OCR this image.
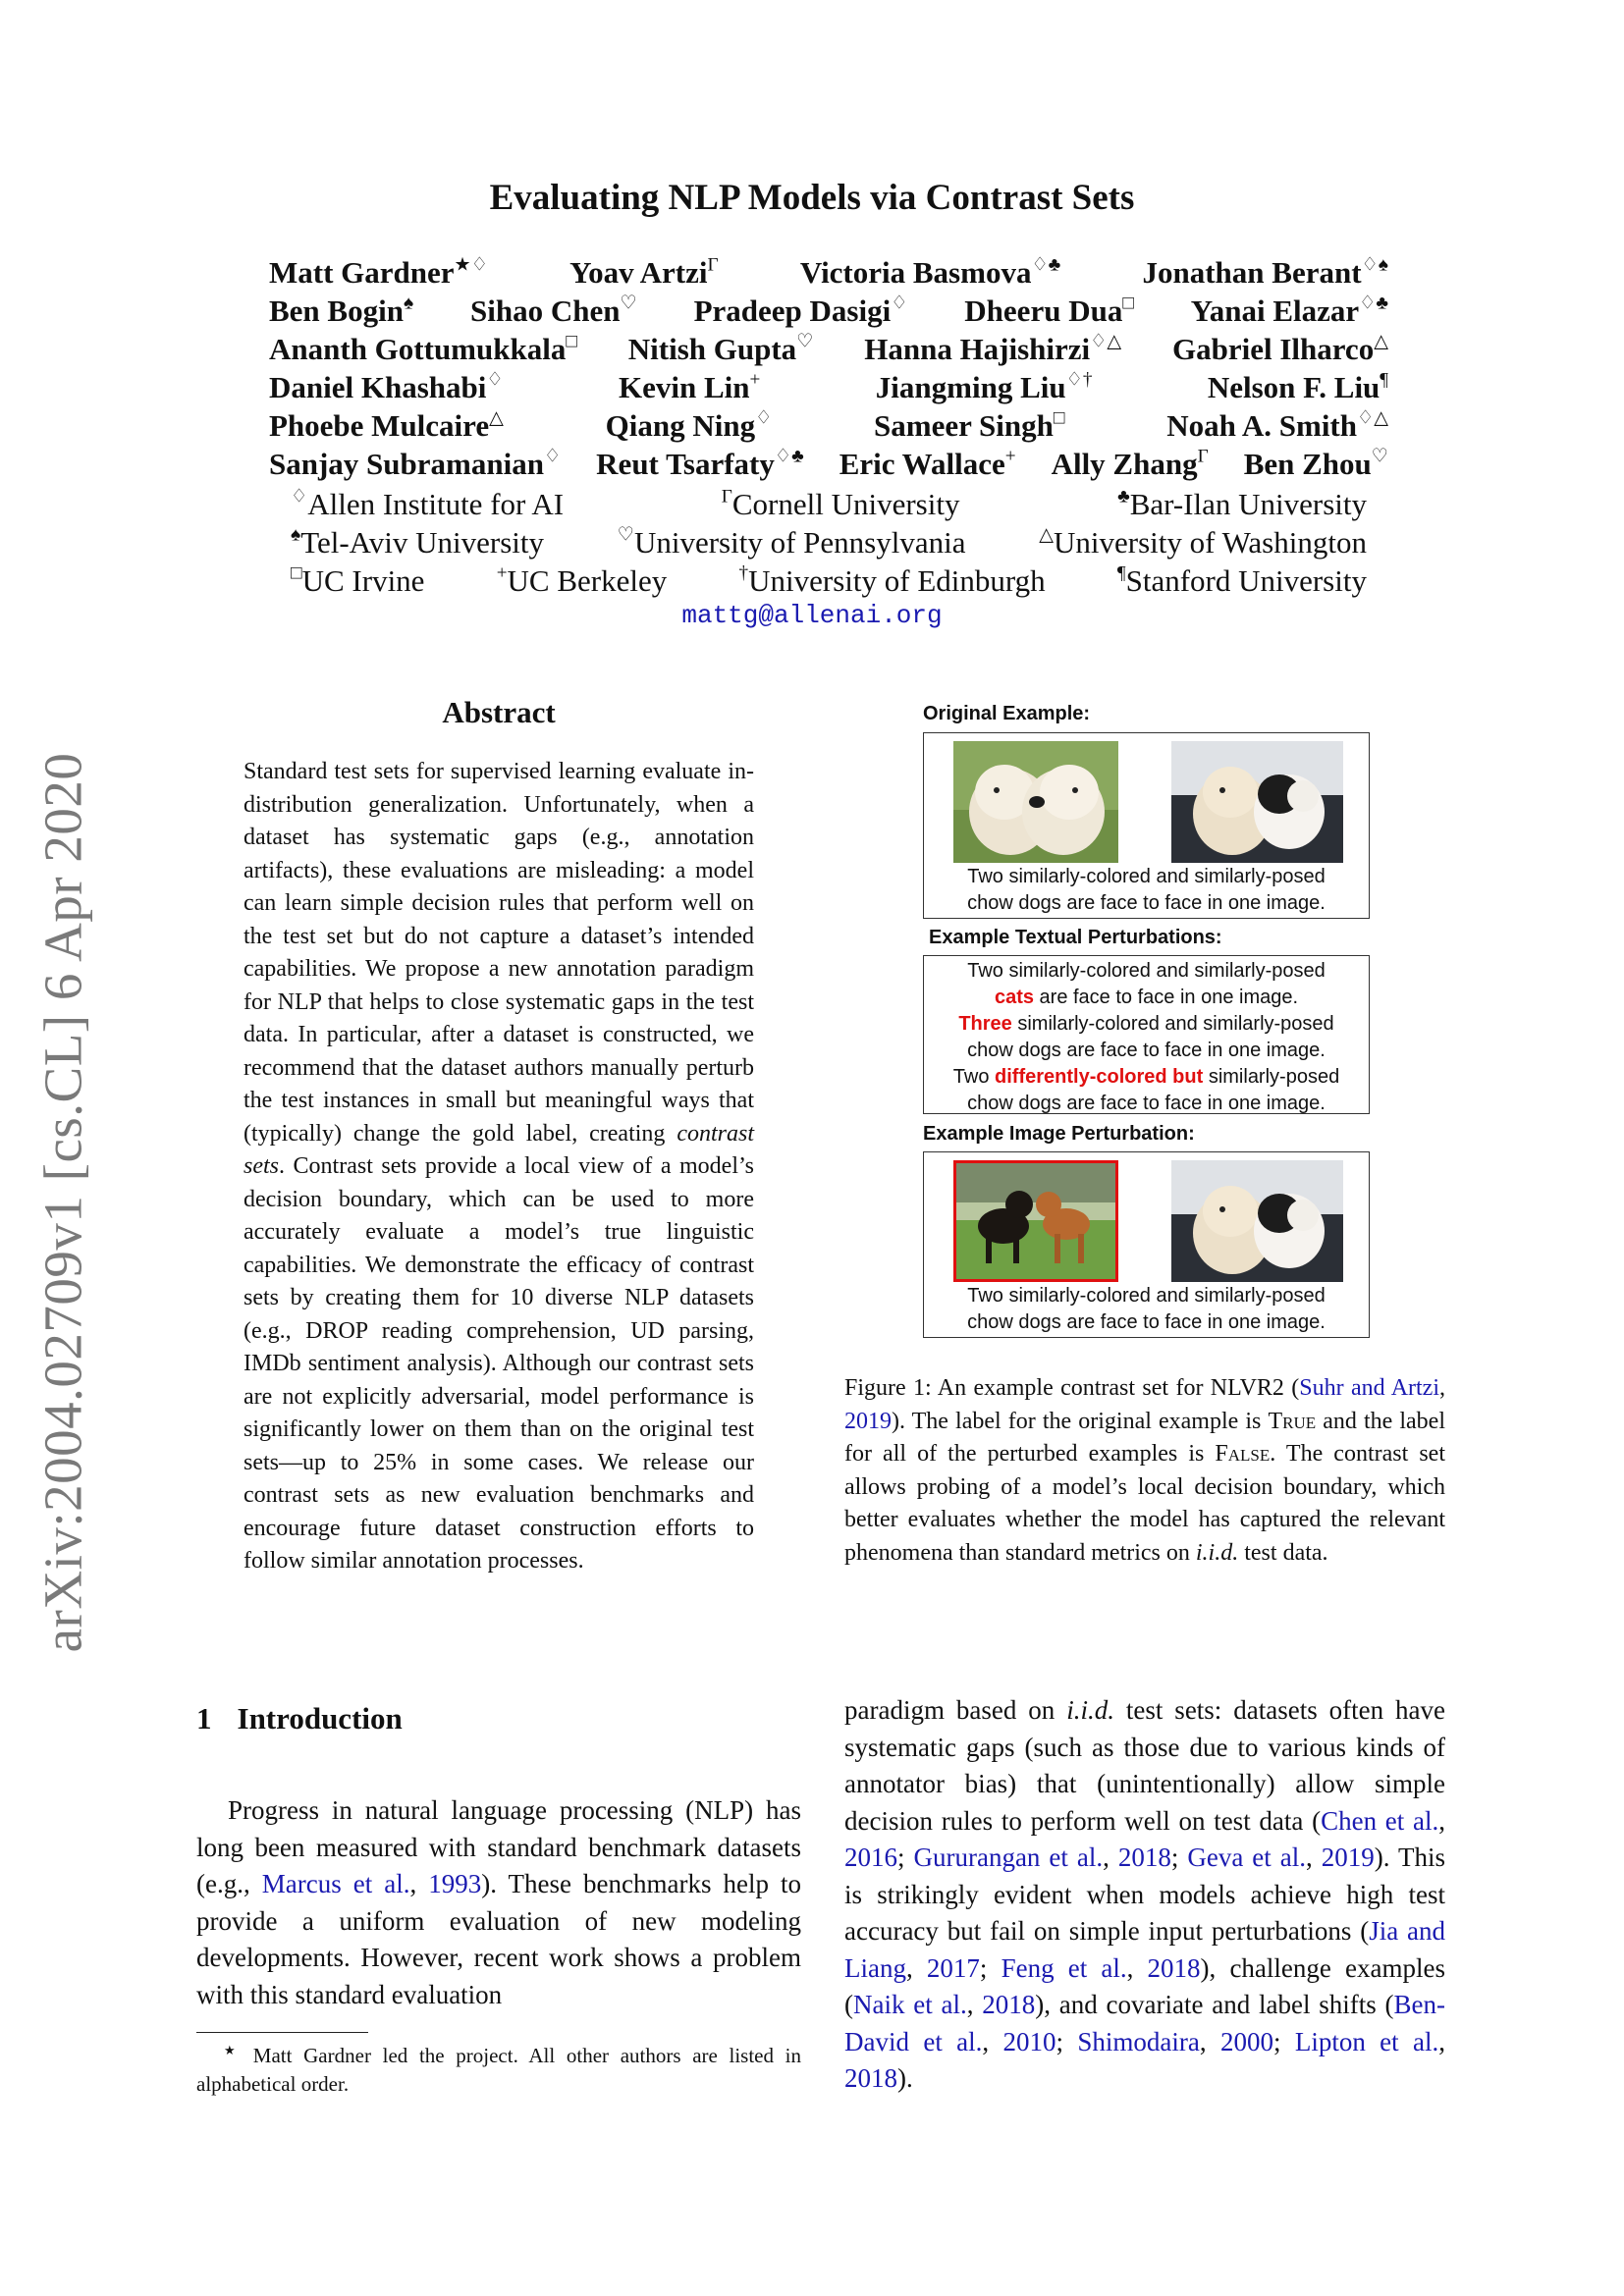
Evaluating NLP Models via Contrast Sets
Matt Gardner★♢	Yoav Artzi$^\Gamma$	Victoria Basmova♢♣	Jonathan Berant♢♠
Ben Bogin♠ Sihao Chen♡ Pradeep Dasigi♢ Dheeru Dua□ Yanai Elazar♢♣
Ananth Gottumukkala□ Nitish Gupta♡ Hanna Hajishirzi♢△ Gabriel Ilharco△
Daniel Khashabi♢	Kevin Lin+	Jiangming Liu♢†	Nelson F. Liu¶
Phoebe Mulcaire△	Qiang Ning♢	Sameer Singh□	Noah A. Smith♢△
Sanjay Subramanian♢ Reut Tsarfaty♢♣ Eric Wallace+ Ally Zhang$^\Gamma$ Ben Zhou♡
♢Allen Institute for AI	$^\Gamma$Cornell University	♣Bar-Ilan University
♠Tel-Aviv University	♡University of Pennsylvania	△University of Washington
□UC Irvine	+UC Berkeley	†University of Edinburgh	¶Stanford University
mattg@allenai.org
arXiv:2004.02709v1 [cs.CL] 6 Apr 2020
Abstract
Standard test sets for supervised learning evaluate in-distribution generalization. Unfortunately, when a dataset has systematic gaps (e.g., annotation artifacts), these evaluations are misleading: a model can learn simple decision rules that perform well on the test set but do not capture a dataset’s intended capabilities. We propose a new annotation paradigm for NLP that helps to close systematic gaps in the test data. In particular, after a dataset is constructed, we recommend that the dataset authors manually perturb the test instances in small but meaningful ways that (typically) change the gold label, creating contrast sets. Contrast sets provide a local view of a model’s decision boundary, which can be used to more accurately evaluate a model’s true linguistic capabilities. We demonstrate the efficacy of contrast sets by creating them for 10 diverse NLP datasets (e.g., DROP reading comprehension, UD parsing, IMDb sentiment analysis). Although our contrast sets are not explicitly adversarial, model performance is significantly lower on them than on the original test sets—up to 25% in some cases. We release our contrast sets as new evaluation benchmarks and encourage future dataset construction efforts to follow similar annotation processes.
1 Introduction
Progress in natural language processing (NLP) has long been measured with standard benchmark datasets (e.g., Marcus et al., 1993). These benchmarks help to provide a uniform evaluation of new modeling developments. However, recent work shows a problem with this standard evaluation
★ Matt Gardner led the project. All other authors are listed in alphabetical order.
Original Example:
Two similarly-colored and similarly-posed
chow dogs are face to face in one image.
Example Textual Perturbations:
Two similarly-colored and similarly-posed
cats are face to face in one image.
Three similarly-colored and similarly-posed
chow dogs are face to face in one image.
Two differently-colored but similarly-posed
chow dogs are face to face in one image.
Example Image Perturbation:
Two similarly-colored and similarly-posed
chow dogs are face to face in one image.
Figure 1: An example contrast set for NLVR2 (Suhr and Artzi, 2019). The label for the original example is True and the label for all of the perturbed examples is False. The contrast set allows probing of a model’s local decision boundary, which better evaluates whether the model has captured the relevant phenomena than standard metrics on i.i.d. test data.
paradigm based on i.i.d. test sets: datasets often have systematic gaps (such as those due to various kinds of annotator bias) that (unintentionally) allow simple decision rules to perform well on test data (Chen et al., 2016; Gururangan et al., 2018; Geva et al., 2019). This is strikingly evident when models achieve high test accuracy but fail on simple input perturbations (Jia and Liang, 2017; Feng et al., 2018), challenge examples (Naik et al., 2018), and covariate and label shifts (Ben-David et al., 2010; Shimodaira, 2000; Lipton et al., 2018).
